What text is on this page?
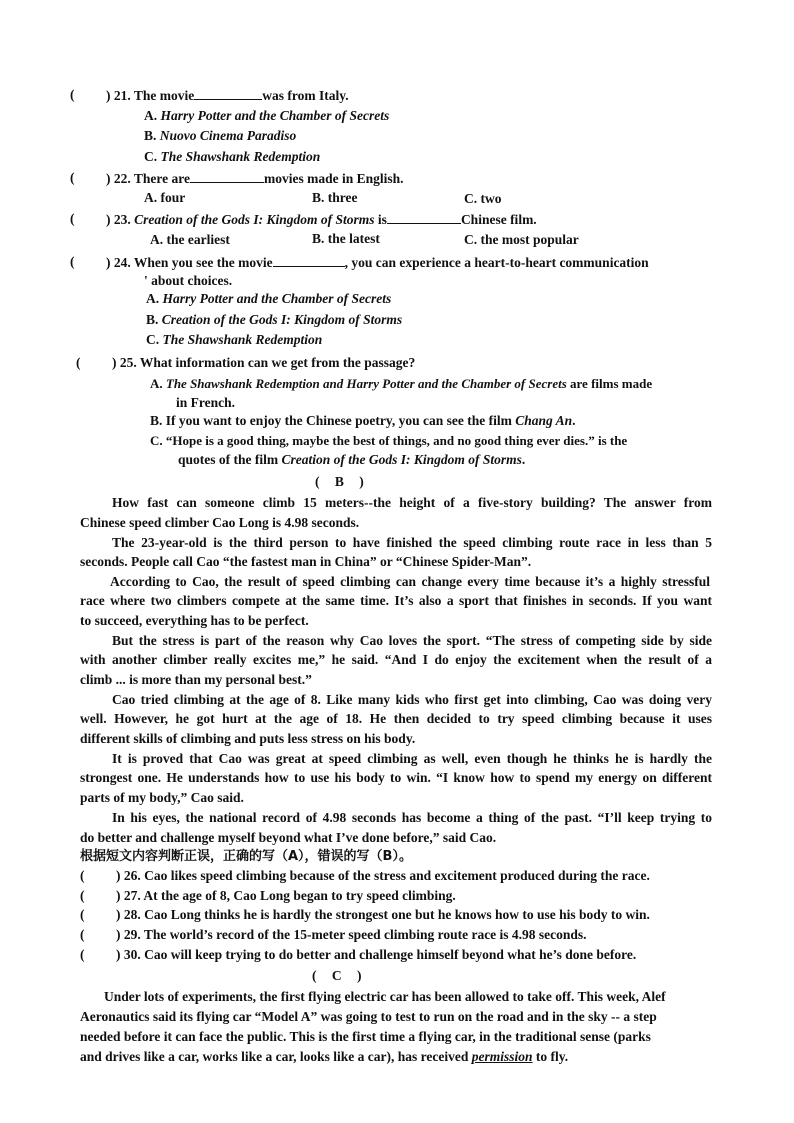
( ) 21. The movie	was from Italy.
A. Harry Potter and the Chamber of Secrets
B. Nuovo Cinema Paradiso
C. The Shawshank Redemption
( ) 22. There are	movies made in English.
A. four	B. three	C. two
( ) 23. Creation of the Gods I: Kingdom of Storms is	Chinese film.
A. the earliest	B. the latest	C. the most popular
( ) 24. When you see the movie	, you can experience a heart-to-heart communication
' about choices.
A. Harry Potter and the Chamber of Secrets
B. Creation of the Gods I: Kingdom of Storms
C. The Shawshank Redemption
( ) 25. What information can we get from the passage?
A. The Shawshank Redemption and Harry Potter and the Chamber of Secrets are films made
in French.
B. If you want to enjoy the Chinese poetry, you can see the film Chang An.
C. “Hope is a good thing, maybe the best of things, and no good thing ever dies.” is the
quotes of the film Creation of the Gods I: Kingdom of Storms.
( B )
How fast can someone climb 15 meters--the height of a five-story building? The answer from
Chinese speed climber Cao Long is 4.98 seconds.
The 23-year-old is the third person to have finished the speed climbing route race in less than 5
seconds. People call Cao “the fastest man in China” or “Chinese Spider-Man”.
According to Cao, the result of speed climbing can change every time because it’s a highly stressful
race where two climbers compete at the same time. It’s also a sport that finishes in seconds. If you want
to succeed, everything has to be perfect.
But the stress is part of the reason why Cao loves the sport. “The stress of competing side by side
with another climber really excites me,” he said. “And I do enjoy the excitement when the result of a
climb ... is more than my personal best.”
Cao tried climbing at the age of 8. Like many kids who first get into climbing, Cao was doing very
well. However, he got hurt at the age of 18. He then decided to try speed climbing because it uses
different skills of climbing and puts less stress on his body.
It is proved that Cao was great at speed climbing as well, even though he thinks he is hardly the
strongest one. He understands how to use his body to win. “I know how to spend my energy on different
parts of my body,” Cao said.
In his eyes, the national record of 4.98 seconds has become a thing of the past. “I’ll keep trying to
do better and challenge myself beyond what I’ve done before,” said Cao.
根据短文内容判断正误，正确的写（A），错误的写（B）。
( ) 26. Cao likes speed climbing because of the stress and excitement produced during the race.
( ) 27. At the age of 8, Cao Long began to try speed climbing.
( ) 28. Cao Long thinks he is hardly the strongest one but he knows how to use his body to win.
( ) 29. The world’s record of the 15-meter speed climbing route race is 4.98 seconds.
( ) 30. Cao will keep trying to do better and challenge himself beyond what he’s done before.
( C )
Under lots of experiments, the first flying electric car has been allowed to take off. This week, Alef
Aeronautics said its flying car “Model A” was going to test to run on the road and in the sky -- a step
needed before it can face the public. This is the first time a flying car, in the traditional sense (parks
and drives like a car, works like a car, looks like a car), has received permission to fly.
